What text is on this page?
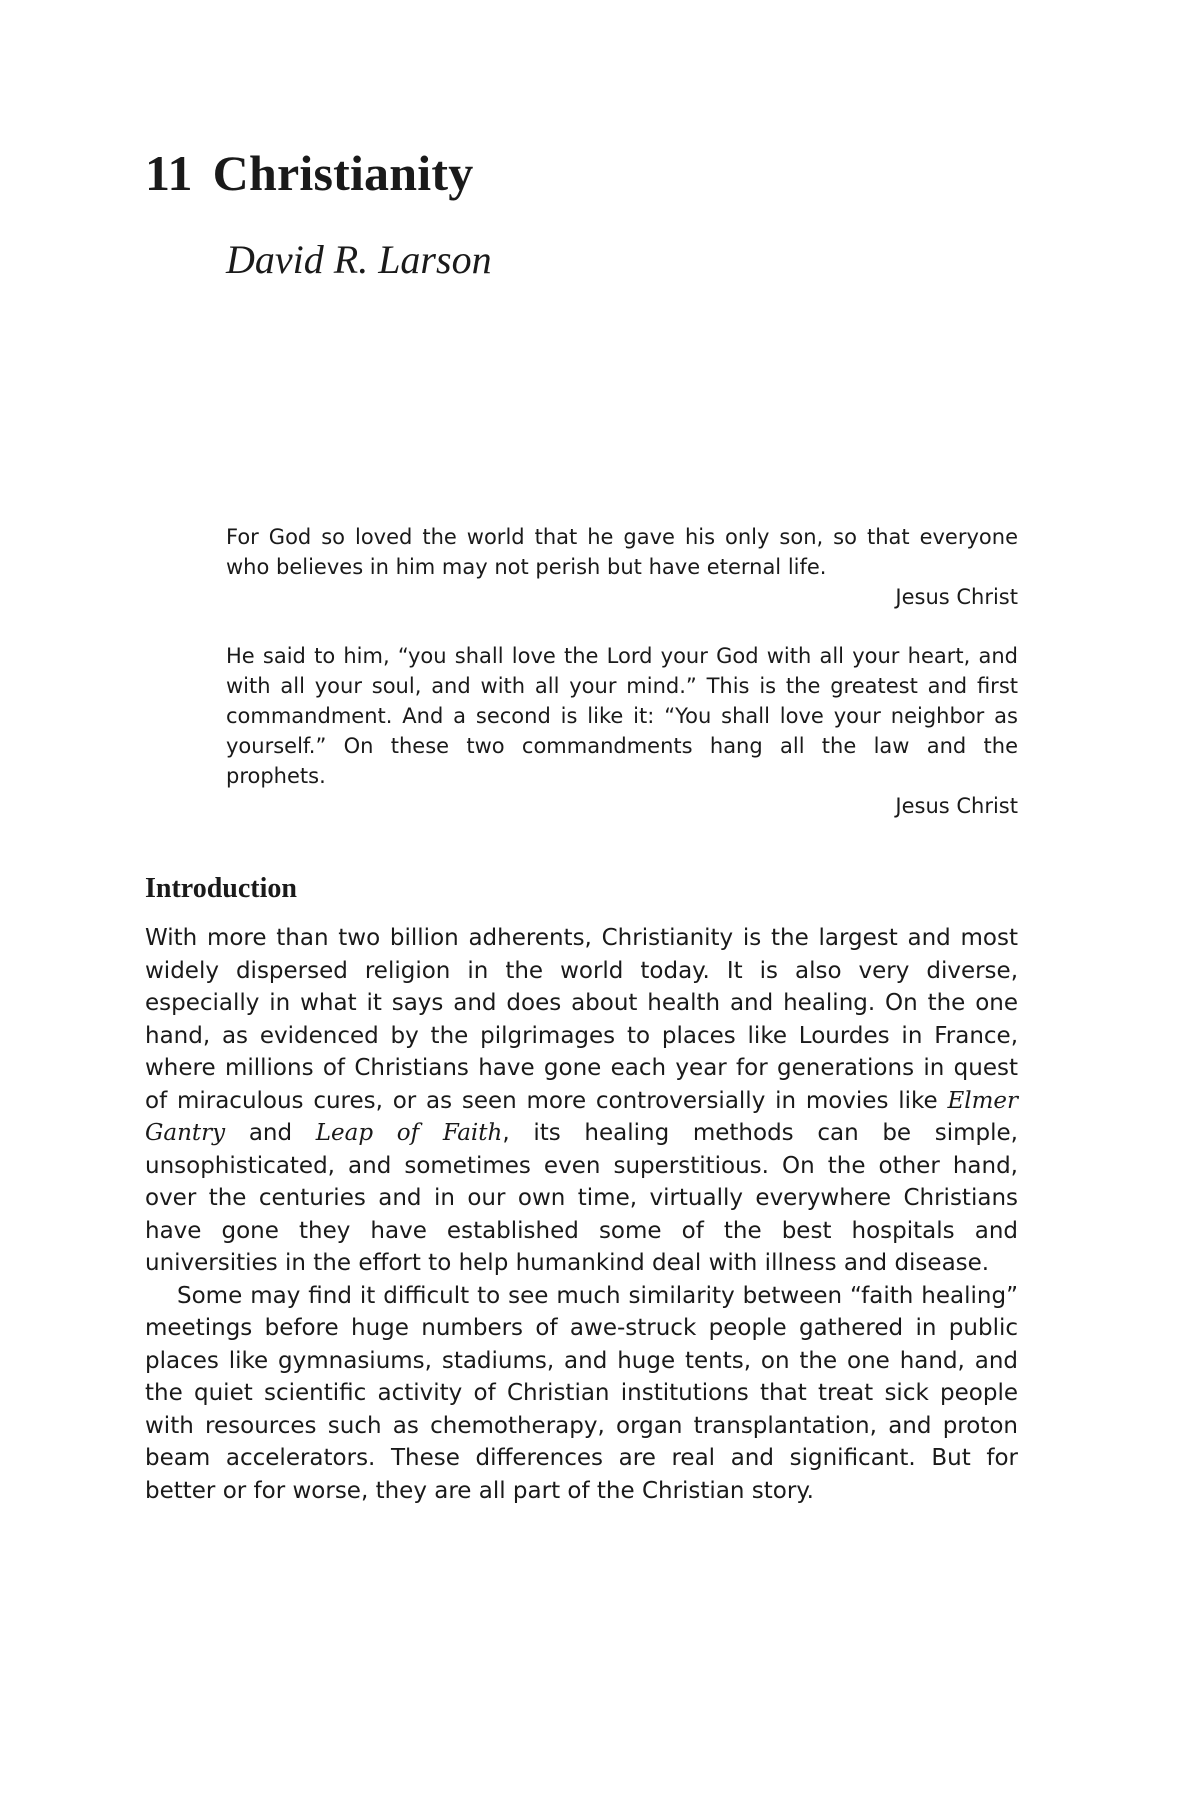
11 Christianity
David R. Larson

For God so loved the world that he gave his only son, so that everyone who believes in him may not perish but have eternal life.

Jesus Christ

He said to him, “you shall love the Lord your God with all your heart, and with all your soul, and with all your mind.” This is the greatest and first commandment. And a second is like it: “You shall love your neighbor as yourself.” On these two commandments hang all the law and the prophets.

Jesus Christ

Introduction

With more than two billion adherents, Christianity is the largest and most widely dispersed religion in the world today. It is also very diverse, especially in what it says and does about health and healing. On the one hand, as evidenced by the pilgrimages to places like Lourdes in France, where millions of Christians have gone each year for generations in quest of miraculous cures, or as seen more controversially in movies like Elmer Gantry and Leap of Faith, its healing methods can be simple, unsophisticated, and sometimes even superstitious. On the other hand, over the centuries and in our own time, virtually everywhere Christians have gone they have established some of the best hospitals and universities in the effort to help humankind deal with illness and disease.

Some may find it difficult to see much similarity between “faith healing” meetings before huge numbers of awe-struck people gathered in public places like gymnasiums, stadiums, and huge tents, on the one hand, and the quiet scientific activity of Christian institutions that treat sick people with resources such as chemotherapy, organ transplantation, and proton beam accelerators. These differences are real and significant. But for better or for worse, they are all part of the Christian story.
